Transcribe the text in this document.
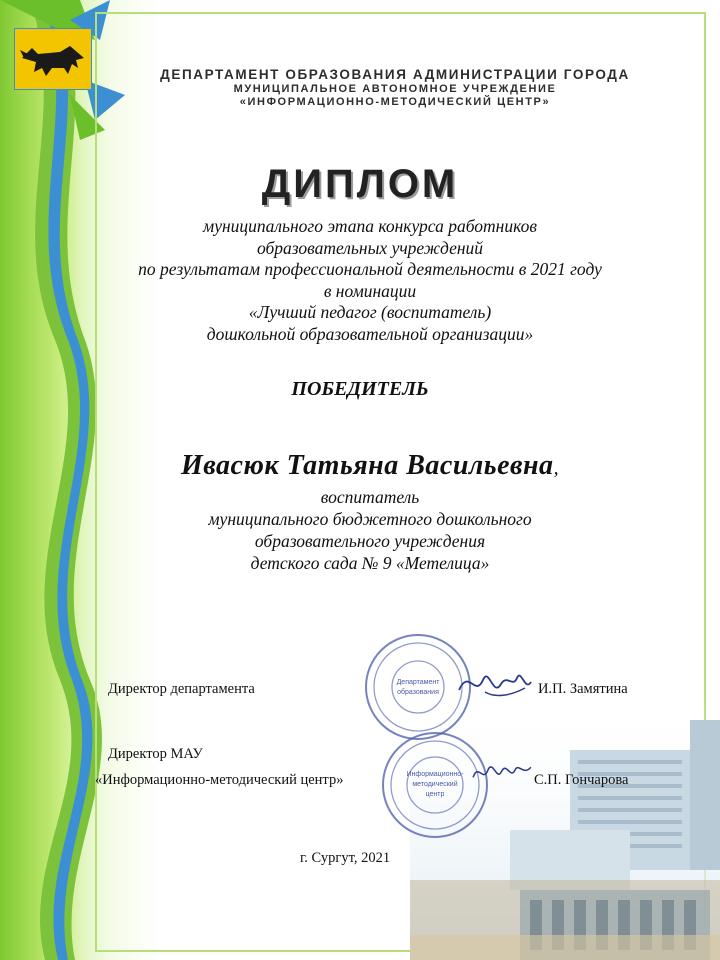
ДЕПАРТАМЕНТ ОБРАЗОВАНИЯ АДМИНИСТРАЦИИ ГОРОДА
МУНИЦИПАЛЬНОЕ АВТОНОМНОЕ УЧРЕЖДЕНИЕ
«ИНФОРМАЦИОННО-МЕТОДИЧЕСКИЙ ЦЕНТР»
ДИПЛОМ
муниципального этапа конкурса работников
образовательных учреждений
по результатам профессиональной деятельности в 2021 году
в номинации
«Лучший педагог (воспитатель)
дошкольной образовательной организации»
ПОБЕДИТЕЛЬ
Ивасюк Татьяна Васильевна,
воспитатель
муниципального бюджетного дошкольного
образовательного учреждения
детского сада № 9 «Метелица»
Директор департамента	И.П. Замятина
Директор МАУ
«Информационно-методический центр»	С.П. Гончарова
Департамент
образования
Информационно-
методический
центр
г. Сургут, 2021
